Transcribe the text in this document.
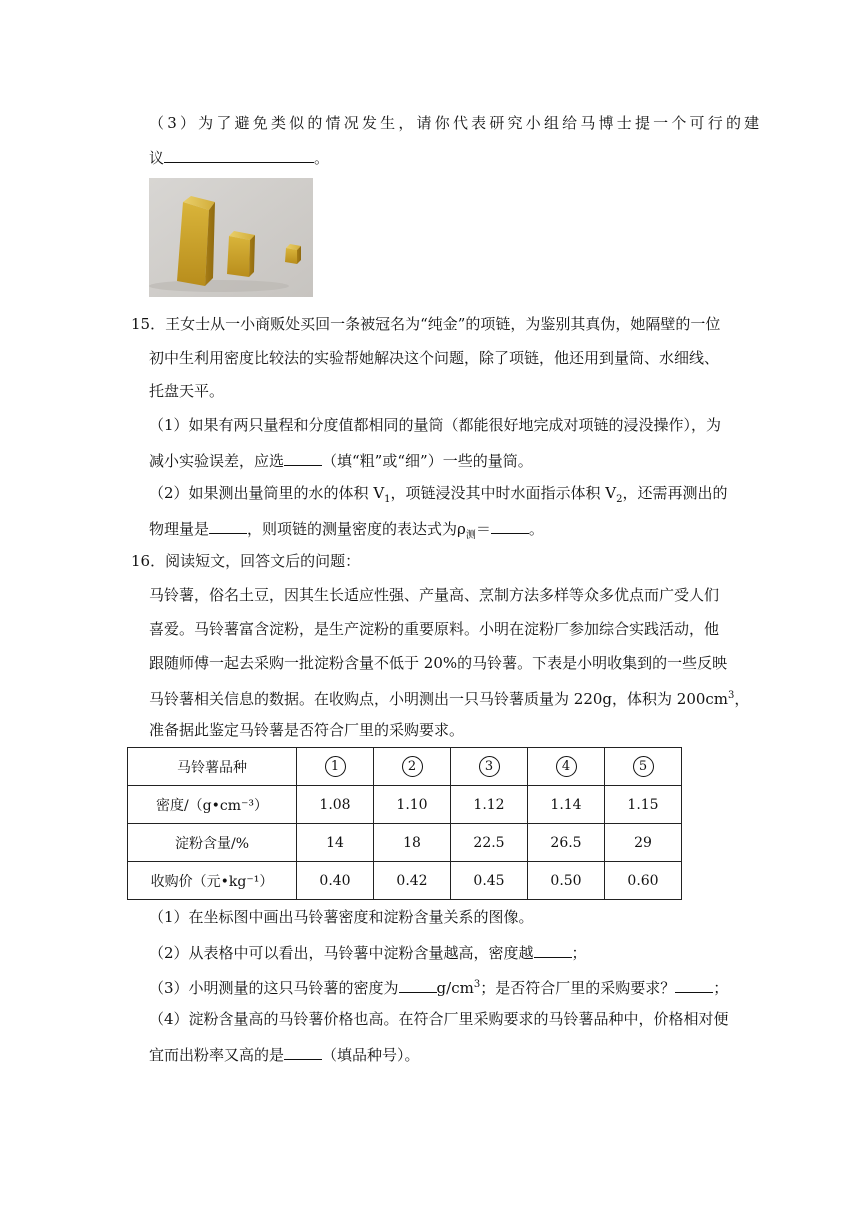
（3）为了避免类似的情况发生，请你代表研究小组给马博士提一个可行的建
议	。
15．王女士从一小商贩处买回一条被冠名为“纯金”的项链，为鉴别其真伪，她隔壁的一位
初中生利用密度比较法的实验帮她解决这个问题，除了项链，他还用到量筒、水细线、
托盘天平。
（1）如果有两只量程和分度值都相同的量筒（都能很好地完成对项链的浸没操作），为
减小实验误差，应选	（填“粗”或“细”）一些的量筒。
（2）如果测出量筒里的水的体积 $V_1$，项链浸没其中时水面指示体积 $V_2$，还需再测出的
物理量是	，则项链的测量密度的表达式为$\rho_测=$	。
16．阅读短文，回答文后的问题：
马铃薯，俗名土豆，因其生长适应性强、产量高、烹制方法多样等众多优点而广受人们
喜爱。马铃薯富含淀粉，是生产淀粉的重要原料。小明在淀粉厂参加综合实践活动，他
跟随师傅一起去采购一批淀粉含量不低于 20%的马铃薯。下表是小明收集到的一些反映
马铃薯相关信息的数据。在收购点，小明测出一只马铃薯质量为 220g，体积为 $200cm^3$，
准备据此鉴定马铃薯是否符合厂里的采购要求。
马铃薯品种	1	2	3	4	5
密度/（g•cm⁻³）	1.08	1.10	1.12	1.14	1.15
淀粉含量/%	14	18	22.5	26.5	29
收购价（元•kg⁻¹）	0.40	0.42	0.45	0.50	0.60
（1）在坐标图中画出马铃薯密度和淀粉含量关系的图像。
（2）从表格中可以看出，马铃薯中淀粉含量越高，密度越	；
（3）小明测量的这只马铃薯的密度为	$g/cm^3$；是否符合厂里的采购要求？	；
（4）淀粉含量高的马铃薯价格也高。在符合厂里采购要求的马铃薯品种中，价格相对便
宜而出粉率又高的是	（填品种号）。
